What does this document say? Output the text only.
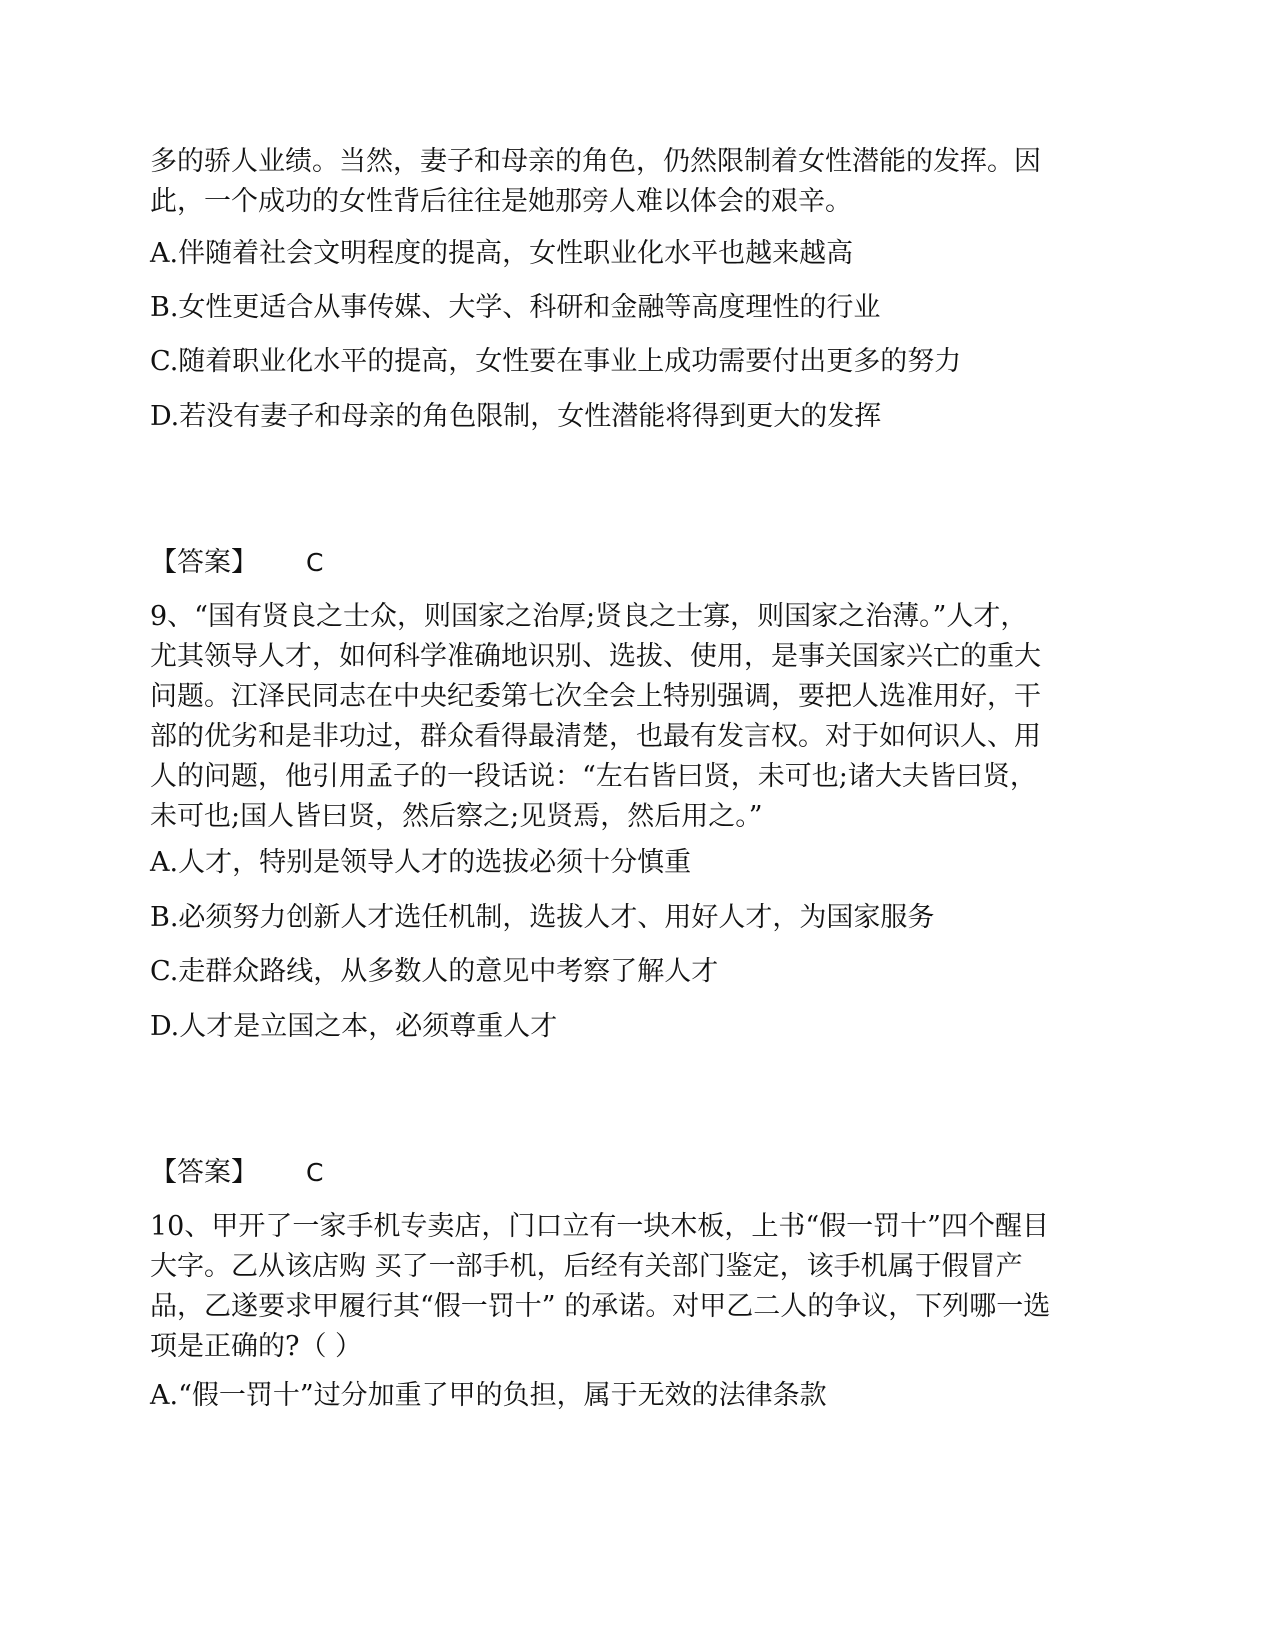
多的骄人业绩。当然，妻子和母亲的角色，仍然限制着女性潜能的发挥。因
此，一个成功的女性背后往往是她那旁人难以体会的艰辛。

A.伴随着社会文明程度的提高，女性职业化水平也越来越高
B.女性更适合从事传媒、大学、科研和金融等高度理性的行业
C.随着职业化水平的提高，女性要在事业上成功需要付出更多的努力
D.若没有妻子和母亲的角色限制，女性潜能将得到更大的发挥
【答案】 C

9、“国有贤良之士众，则国家之治厚;贤良之士寡，则国家之治薄。”人才，
尤其领导人才，如何科学准确地识别、选拔、使用，是事关国家兴亡的重大
问题。江泽民同志在中央纪委第七次全会上特别强调，要把人选准用好，干
部的优劣和是非功过，群众看得最清楚，也最有发言权。对于如何识人、用
人的问题，他引用孟子的一段话说：“左右皆曰贤，未可也;诸大夫皆曰贤，
未可也;国人皆曰贤，然后察之;见贤焉，然后用之。”

A.人才，特别是领导人才的选拔必须十分慎重
B.必须努力创新人才选任机制，选拔人才、用好人才，为国家服务
C.走群众路线，从多数人的意见中考察了解人才
D.人才是立国之本，必须尊重人才
【答案】 C

10、甲开了一家手机专卖店，门口立有一块木板，上书“假一罚十”四个醒目
大字。乙从该店购 买了一部手机，后经有关部门鉴定，该手机属于假冒产
品，乙遂要求甲履行其“假一罚十” 的承诺。对甲乙二人的争议，下列哪一选
项是正确的?（ ）

A.“假一罚十”过分加重了甲的负担，属于无效的法律条款
